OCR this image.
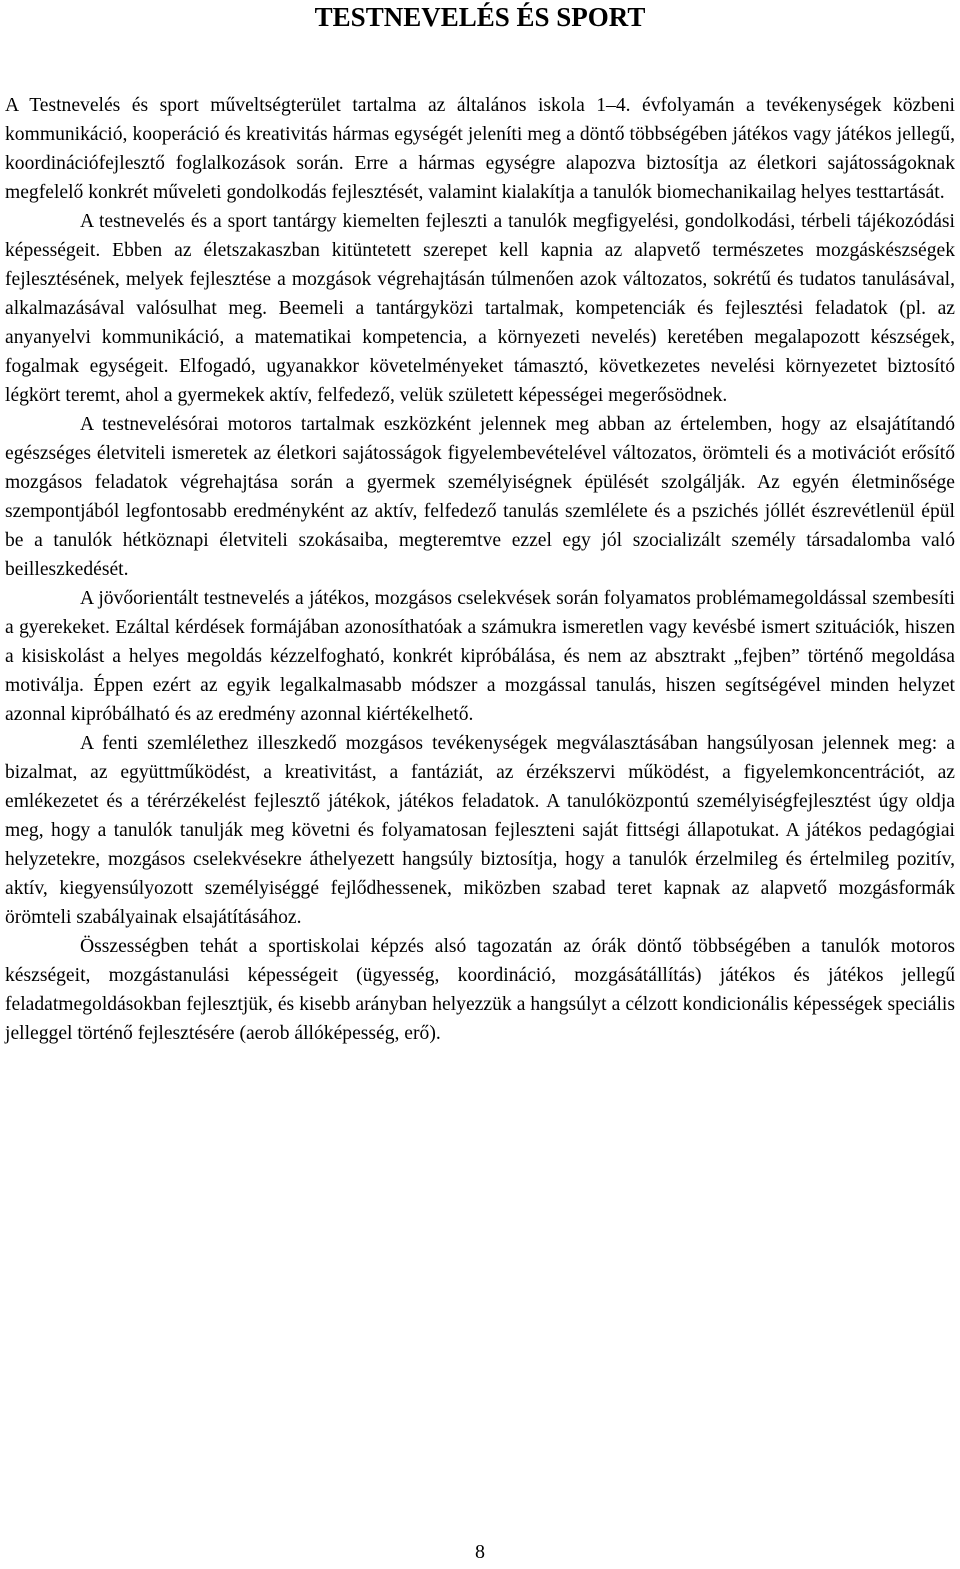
TESTNEVELÉS ÉS SPORT

A Testnevelés és sport műveltségterület tartalma az általános iskola 1–4. évfolyamán a tevékenységek közbeni kommunikáció, kooperáció és kreativitás hármas egységét jeleníti meg a döntő többségében játékos vagy játékos jellegű, koordinációfejlesztő foglalkozások során. Erre a hármas egységre alapozva biztosítja az életkori sajátosságoknak megfelelő konkrét műveleti gondolkodás fejlesztését, valamint kialakítja a tanulók biomechanikailag helyes testtartását.

A testnevelés és a sport tantárgy kiemelten fejleszti a tanulók megfigyelési, gondolkodási, térbeli tájékozódási képességeit. Ebben az életszakaszban kitüntetett szerepet kell kapnia az alapvető természetes mozgáskészségek fejlesztésének, melyek fejlesztése a mozgások végrehajtásán túlmenően azok változatos, sokrétű és tudatos tanulásával, alkalmazásával valósulhat meg. Beemeli a tantárgyközi tartalmak, kompetenciák és fejlesztési feladatok (pl. az anyanyelvi kommunikáció, a matematikai kompetencia, a környezeti nevelés) keretében megalapozott készségek, fogalmak egységeit. Elfogadó, ugyanakkor követelményeket támasztó, következetes nevelési környezetet biztosító légkört teremt, ahol a gyermekek aktív, felfedező, velük született képességei megerősödnek.

A testnevelésórai motoros tartalmak eszközként jelennek meg abban az értelemben, hogy az elsajátítandó egészséges életviteli ismeretek az életkori sajátosságok figyelembevételével változatos, örömteli és a motivációt erősítő mozgásos feladatok végrehajtása során a gyermek személyiségnek épülését szolgálják. Az egyén életminősége szempontjából legfontosabb eredményként az aktív, felfedező tanulás szemlélete és a pszichés jóllét észrevétlenül épül be a tanulók hétköznapi életviteli szokásaiba, megteremtve ezzel egy jól szocializált személy társadalomba való beilleszkedését.

A jövőorientált testnevelés a játékos, mozgásos cselekvések során folyamatos problémamegoldással szembesíti a gyerekeket. Ezáltal kérdések formájában azonosíthatóak a számukra ismeretlen vagy kevésbé ismert szituációk, hiszen a kisiskolást a helyes megoldás kézzelfogható, konkrét kipróbálása, és nem az absztrakt „fejben” történő megoldása motiválja. Éppen ezért az egyik legalkalmasabb módszer a mozgással tanulás, hiszen segítségével minden helyzet azonnal kipróbálható és az eredmény azonnal kiértékelhető.

A fenti szemlélethez illeszkedő mozgásos tevékenységek megválasztásában hangsúlyosan jelennek meg: a bizalmat, az együttműködést, a kreativitást, a fantáziát, az érzékszervi működést, a figyelemkoncentrációt, az emlékezetet és a térérzékelést fejlesztő játékok, játékos feladatok. A tanulóközpontú személyiségfejlesztést úgy oldja meg, hogy a tanulók tanulják meg követni és folyamatosan fejleszteni saját fittségi állapotukat. A játékos pedagógiai helyzetekre, mozgásos cselekvésekre áthelyezett hangsúly biztosítja, hogy a tanulók érzelmileg és értelmileg pozitív, aktív, kiegyensúlyozott személyiséggé fejlődhessenek, miközben szabad teret kapnak az alapvető mozgásformák örömteli szabályainak elsajátításához.

Összességben tehát a sportiskolai képzés alsó tagozatán az órák döntő többségében a tanulók motoros készségeit, mozgástanulási képességeit (ügyesség, koordináció, mozgásátállítás) játékos és játékos jellegű feladatmegoldásokban fejlesztjük, és kisebb arányban helyezzük a hangsúlyt a célzott kondicionális képességek speciális jelleggel történő fejlesztésére (aerob állóképesség, erő).

8
